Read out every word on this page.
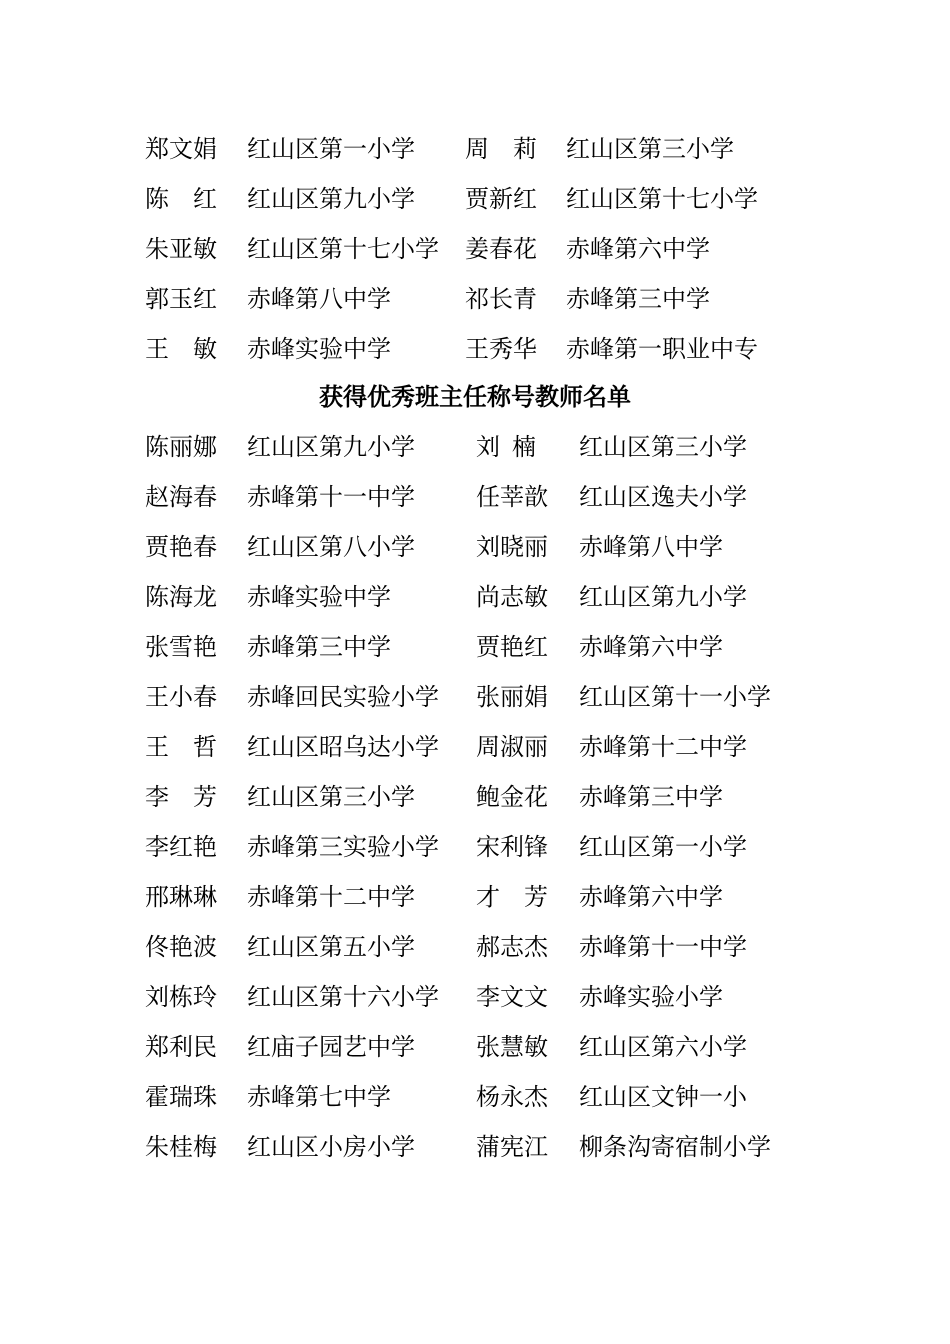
郑文娟 红山区第一小学 周　莉 红山区第三小学
陈　红 红山区第九小学 贾新红 红山区第十七小学
朱亚敏 红山区第十七小学 姜春花 赤峰第六中学
郭玉红 赤峰第八中学	祁长青 赤峰第三中学
王　敏 赤峰实验中学	王秀华 赤峰第一职业中专
获得优秀班主任称号教师名单
陈丽娜 红山区第九小学	刘 楠 红山区第三小学
赵海春 赤峰第十一中学	任莘歆 红山区逸夫小学
贾艳春 红山区第八小学	刘晓丽 赤峰第八中学
陈海龙 赤峰实验中学	尚志敏 红山区第九小学
张雪艳 赤峰第三中学	贾艳红 赤峰第六中学
王小春 赤峰回民实验小学 张丽娟 红山区第十一小学
王　哲 红山区昭乌达小学 周淑丽 赤峰第十二中学
李　芳 红山区第三小学	鲍金花 赤峰第三中学
李红艳 赤峰第三实验小学 宋利锋 红山区第一小学
邢琳琳 赤峰第十二中学	才　芳 赤峰第六中学
佟艳波 红山区第五小学	郝志杰 赤峰第十一中学
刘栋玲 红山区第十六小学 李文文 赤峰实验小学
郑利民 红庙子园艺中学	张慧敏 红山区第六小学
霍瑞珠 赤峰第七中学	杨永杰 红山区文钟一小
朱桂梅 红山区小房小学	蒲宪江 柳条沟寄宿制小学
